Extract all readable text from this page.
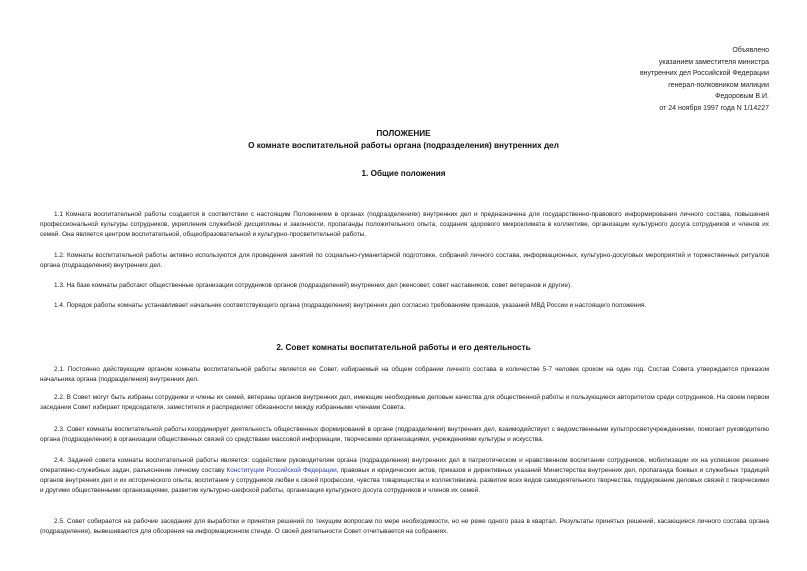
Объявлено
указанием заместителя министра
внутренних дел Российской Федерации
генерал-полковником милиции
Федоровым В.И.
от 24 ноября 1997 года N 1/14227
ПОЛОЖЕНИЕ
О комнате воспитательной работы органа (подразделения) внутренних дел
1. Общие положения
1.1 Комната воспитательной работы создается в соответствии с настоящим Положением в органах (подразделениях) внутренних дел и предназначена для государственно-правового информирования личного состава, повышения профессиональной культуры сотрудников, укрепления служебной дисциплины и законности, пропаганды положительного опыта, создания здорового микроклимата в коллективе, организации культурного досуга сотрудников и членов их семей. Она является центром воспитательной, общеобразовательной и культурно-просветительной работы.
1.2. Комнаты воспитательной работы активно используются для проведения занятий по социально-гуманитарной подготовке, собраний личного состава, информационных, культурно-досуговых мероприятий и торжественных ритуалов органа (подразделения) внутренних дел.
1.3. На базе комнаты работают общественные организации сотрудников органов (подразделений) внутренних дел (женсовет, совет наставников, совет ветеранов и другие).
1.4. Порядок работы комнаты устанавливает начальник соответствующего органа (подразделения) внутренних дел согласно требованиям приказов, указаний МВД России и настоящего положения.
2. Совет комнаты воспитательной работы и его деятельность
2.1. Постоянно действующим органом комнаты воспитательной работы является ее Совет, избираемый на общем собрании личного состава в количестве 5-7 человек сроком на один год. Состав Совета утверждается приказом начальника органа (подразделения) внутренних дел.
2.2. В Совет могут быть избраны сотрудники и члены их семей, ветераны органов внутренних дел, имеющие необходимые деловые качества для общественной работы и пользующиеся авторитетом среди сотрудников. На своем первом заседании Совет избирает председателя, заместителя и распределяет обязанности между избранными членами Совета.
2.3. Совет комнаты воспитательной работы координирует деятельность общественных формирований в органе (подразделении) внутренних дел, взаимодействует с ведомственными культпросветучреждениями, помогает руководителю органа (подразделения) в организации общественных связей со средствами массовой информации, творческими организациями, учреждениями культуры и искусства.
2.4. Задачей совета комнаты воспитательной работы является: содействие руководителям органа (подразделения) внутренних дел в патриотическом и нравственном воспитании сотрудников, мобилизации их на успешное решение оперативно-служебных задач, разъяснение личному составу Конституции Российской Федерации, правовых и юридических актов, приказов и директивных указаний Министерства внутренних дел, пропаганда боевых и служебных традиций органов внутренних дел и их исторического опыта, воспитание у сотрудников любви к своей профессии, чувства товарищества и коллективизма, развитие всех видов самодеятельного творчества, поддержание деловых связей с творческими и другими общественными организациями, развитие культурно-шефской работы, организация культурного досуга сотрудников и членов их семей.
2.5. Совет собирается на рабочие заседания для выработки и принятия решений по текущим вопросам по мере необходимости, но не реже одного раза в квартал. Результаты принятых решений, касающиеся личного состава органа (подразделения), вывешиваются для обозрения на информационном стенде. О своей деятельности Совет отчитывается на собраниях.
